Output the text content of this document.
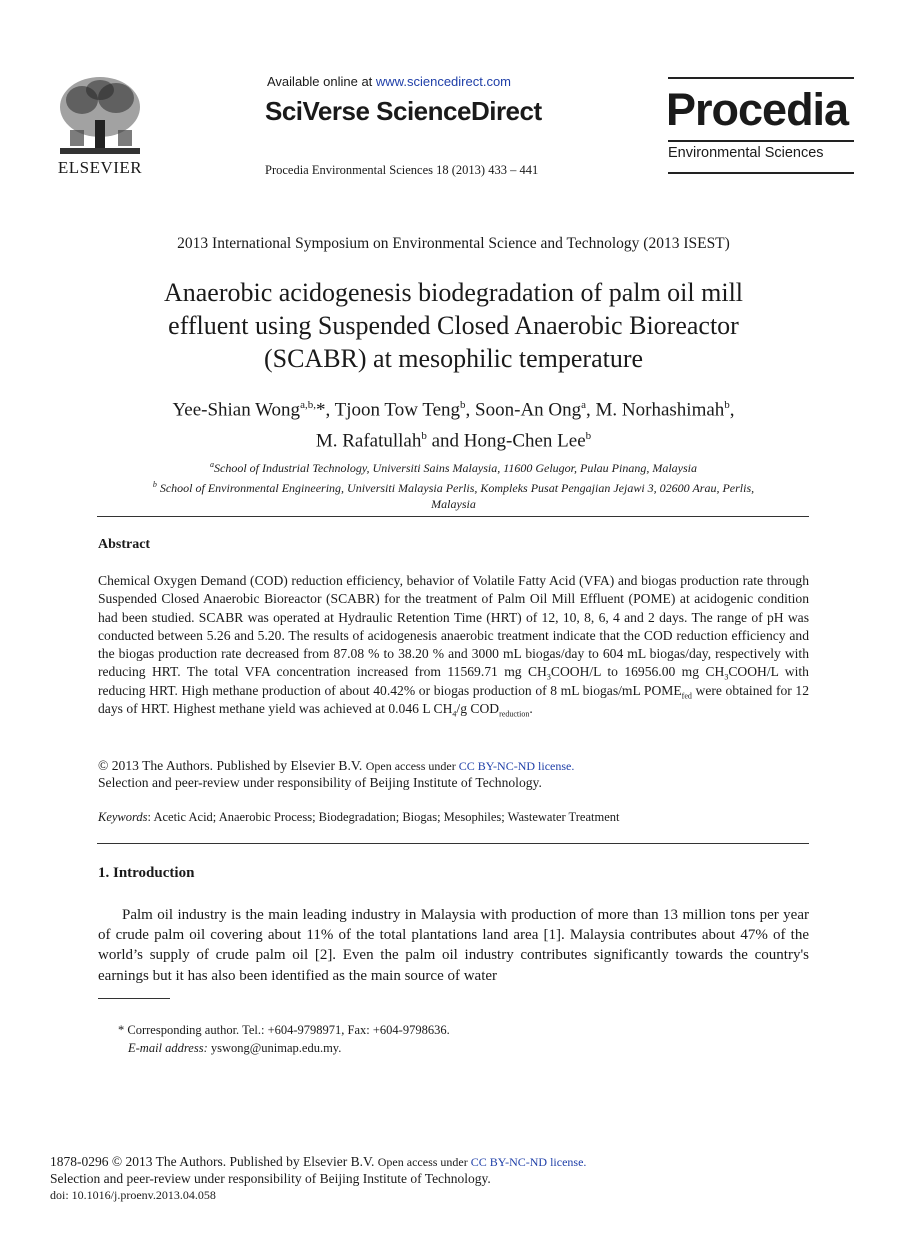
ELSEVIER
Available online at www.sciencedirect.com
SciVerse ScienceDirect
Procedia Environmental Sciences 18 (2013) 433 – 441
Procedia
Environmental Sciences
2013 International Symposium on Environmental Science and Technology (2013 ISEST)
Anaerobic acidogenesis biodegradation of palm oil mill
effluent using Suspended Closed Anaerobic Bioreactor
(SCABR) at mesophilic temperature
Yee-Shian Wong$^{a,b,}$*, Tjoon Tow Teng$^b$, Soon-An Ong$^a$, M. Norhashimah$^b$,
M. Rafatullah$^b$ and Hong-Chen Lee$^b$
$^a$School of Industrial Technology, Universiti Sains Malaysia, 11600 Gelugor, Pulau Pinang, Malaysia
$^b$ School of Environmental Engineering, Universiti Malaysia Perlis, Kompleks Pusat Pengajian Jejawi 3, 02600 Arau, Perlis,
Malaysia
Abstract
Chemical Oxygen Demand (COD) reduction efficiency, behavior of Volatile Fatty Acid (VFA) and biogas production rate through Suspended Closed Anaerobic Bioreactor (SCABR) for the treatment of Palm Oil Mill Effluent (POME) at acidogenic condition had been studied. SCABR was operated at Hydraulic Retention Time (HRT) of 12, 10, 8, 6, 4 and 2 days. The range of pH was conducted between 5.26 and 5.20. The results of acidogenesis anaerobic treatment indicate that the COD reduction efficiency and the biogas production rate decreased from 87.08 % to 38.20 % and 3000 mL biogas/day to 604 mL biogas/day, respectively with reducing HRT. The total VFA concentration increased from 11569.71 mg $CH_3COOH/L$ to 16956.00 mg $CH_3COOH/L$ with reducing HRT. High methane production of about 40.42% or biogas production of 8 mL biogas/mL $POME_{fed}$ were obtained for 12 days of HRT. Highest methane yield was achieved at 0.046 L $CH_4/g$ $COD_{reduction}$.
© 2013 The Authors. Published by Elsevier B.V. Open access under CC BY-NC-ND license.
Selection and peer-review under responsibility of Beijing Institute of Technology.
Keywords: Acetic Acid; Anaerobic Process; Biodegradation; Biogas; Mesophiles; Wastewater Treatment
1. Introduction
Palm oil industry is the main leading industry in Malaysia with production of more than 13 million tons per year of crude palm oil covering about 11% of the total plantations land area [1]. Malaysia contributes about 47% of the world’s supply of crude palm oil [2]. Even the palm oil industry contributes significantly towards the country's earnings but it has also been identified as the main source of water
* Corresponding author. Tel.: +604-9798971, Fax: +604-9798636.
E-mail address: yswong@unimap.edu.my.
1878-0296 © 2013 The Authors. Published by Elsevier B.V. Open access under CC BY-NC-ND license.
Selection and peer-review under responsibility of Beijing Institute of Technology.
doi: 10.1016/j.proenv.2013.04.058
